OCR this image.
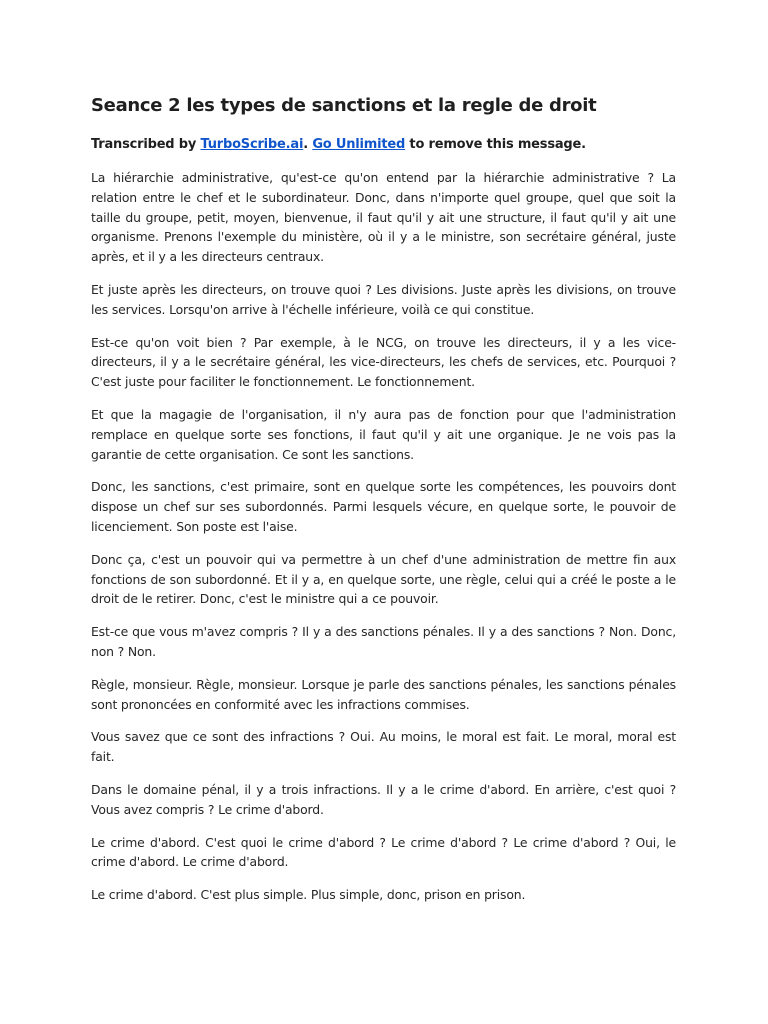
Seance 2 les types de sanctions et la regle de droit
Transcribed by TurboScribe.ai. Go Unlimited to remove this message.

La hiérarchie administrative, qu'est-ce qu'on entend par la hiérarchie administrative ? La relation entre le chef et le subordinateur. Donc, dans n'importe quel groupe, quel que soit la taille du groupe, petit, moyen, bienvenue, il faut qu'il y ait une structure, il faut qu'il y ait une organisme. Prenons l'exemple du ministère, où il y a le ministre, son secrétaire général, juste après, et il y a les directeurs centraux.

Et juste après les directeurs, on trouve quoi ? Les divisions. Juste après les divisions, on trouve les services. Lorsqu'on arrive à l'échelle inférieure, voilà ce qui constitue.

Est-ce qu'on voit bien ? Par exemple, à le NCG, on trouve les directeurs, il y a les vice-directeurs, il y a le secrétaire général, les vice-directeurs, les chefs de services, etc. Pourquoi ? C'est juste pour faciliter le fonctionnement. Le fonctionnement.

Et que la magagie de l'organisation, il n'y aura pas de fonction pour que l'administration remplace en quelque sorte ses fonctions, il faut qu'il y ait une organique. Je ne vois pas la garantie de cette organisation. Ce sont les sanctions.

Donc, les sanctions, c'est primaire, sont en quelque sorte les compétences, les pouvoirs dont dispose un chef sur ses subordonnés. Parmi lesquels vécure, en quelque sorte, le pouvoir de licenciement. Son poste est l'aise.

Donc ça, c'est un pouvoir qui va permettre à un chef d'une administration de mettre fin aux fonctions de son subordonné. Et il y a, en quelque sorte, une règle, celui qui a créé le poste a le droit de le retirer. Donc, c'est le ministre qui a ce pouvoir.

Est-ce que vous m'avez compris ? Il y a des sanctions pénales. Il y a des sanctions ? Non. Donc, non ? Non.

Règle, monsieur. Règle, monsieur. Lorsque je parle des sanctions pénales, les sanctions pénales sont prononcées en conformité avec les infractions commises.

Vous savez que ce sont des infractions ? Oui. Au moins, le moral est fait. Le moral, moral est fait.

Dans le domaine pénal, il y a trois infractions. Il y a le crime d'abord. En arrière, c'est quoi ? Vous avez compris ? Le crime d'abord.

Le crime d'abord. C'est quoi le crime d'abord ? Le crime d'abord ? Le crime d'abord ? Oui, le crime d'abord. Le crime d'abord.

Le crime d'abord. C'est plus simple. Plus simple, donc, prison en prison.
